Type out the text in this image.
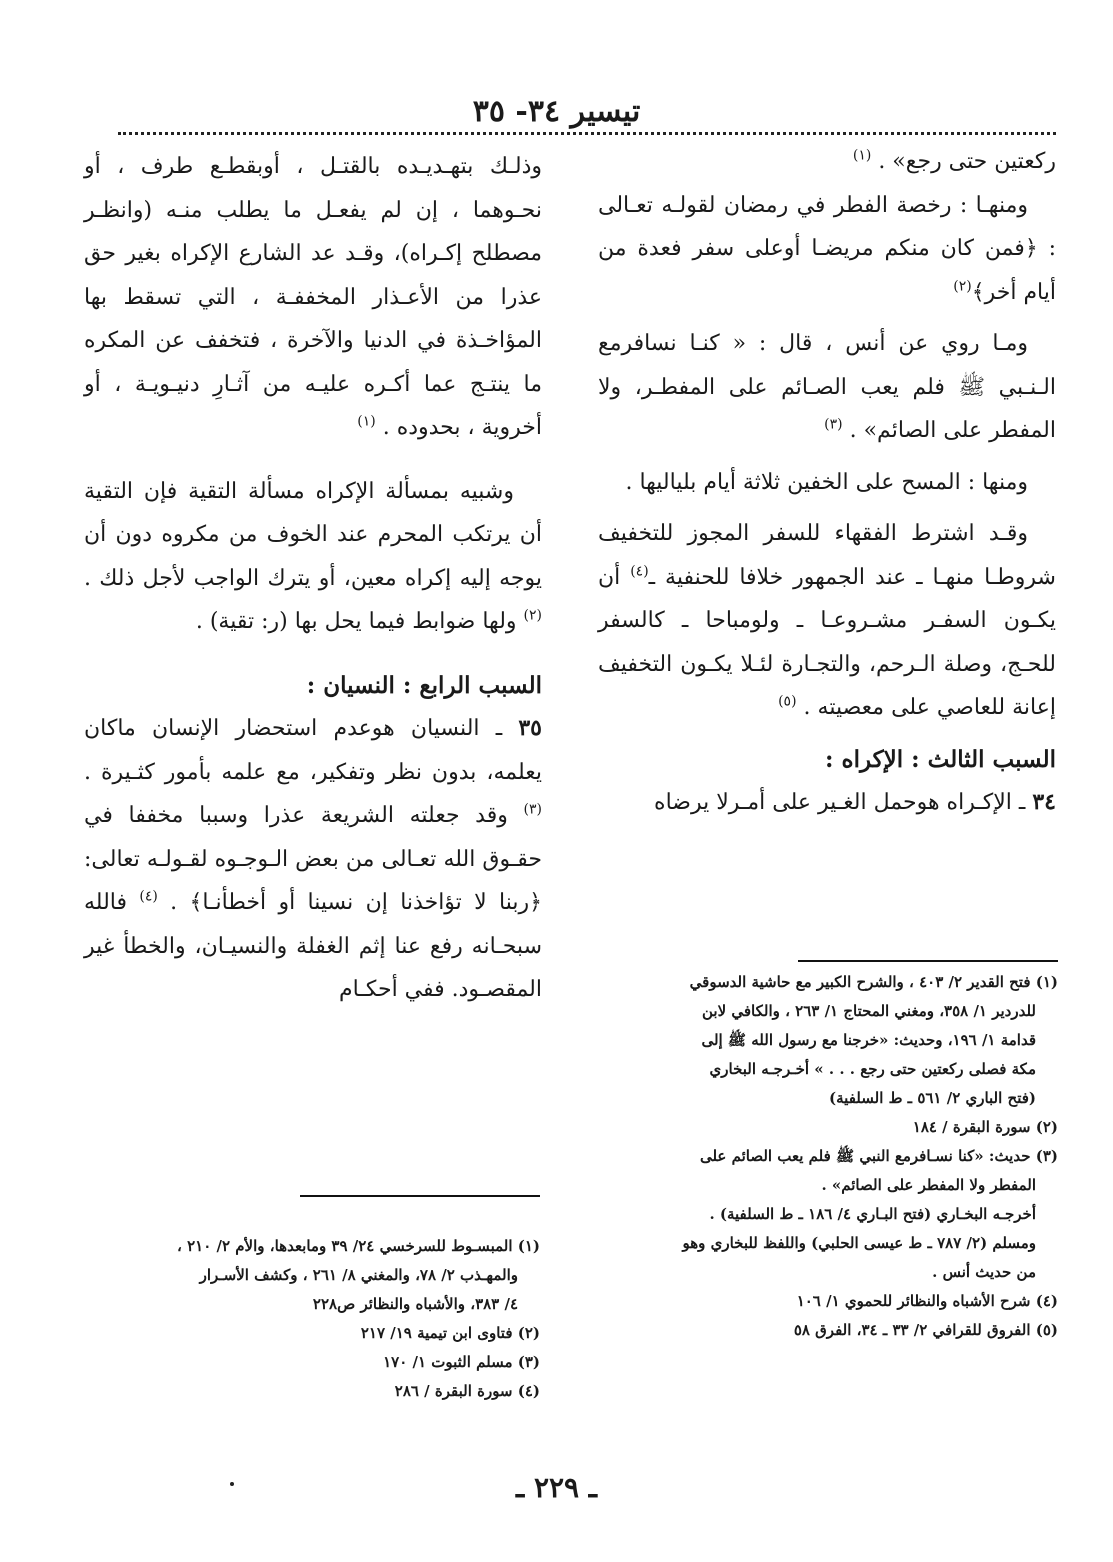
تيسير ٣٤- ٣٥

ركعتين حتى رجع» . $^{(١)}$

ومنهـا : رخصة الفطر في رمضان لقولـه تعـالى : ﴿فمن كان منكم مريضـا أوعلى سفر فعدة من أيام أخر﴾$^{(٢)}$

ومـا روي عن أنس ، قال : « كنـا نسافرمع الـنـبي ﷺ فلم يعب الصـائم على المفطـر، ولا المفطر على الصائم» . $^{(٣)}$

ومنها : المسح على الخفين ثلاثة أيام بلياليها .

وقـد اشترط الفقهاء للسفر المجوز للتخفيف شروطـا منهـا ـ عند الجمهور خلافا للحنفية ـ$^{(٤)}$ أن يكـون السفـر مشـروعـا ـ ولومباحا ـ كالسفر للحـج، وصلة الـرحم، والتجـارة لئـلا يكـون التخفيف إعانة للعاصي على معصيته . $^{(٥)}$

السبب الثالث : الإكراه :

٣٤ ـ الإكـراه هوحمل الغـير على أمـرلا يرضاه

وذلـك بتهـديـده بالقتـل ، أوبقطـع طرف ، أو نحـوهما ، إن لم يفعـل ما يطلب منـه (وانظـر مصطلح إكـراه)، وقـد عد الشارع الإكراه بغير حق عذرا من الأعـذار المخففـة ، التي تسقط بها المؤاخـذة في الدنيا والآخرة ، فتخفف عن المكره ما ينتـج عما أكـره عليـه من آثـارِ دنيـويـة ، أو أخروية ، بحدوده . $^{(١)}$

وشبيه بمسألة الإكراه مسألة التقية فإن التقية أن يرتكب المحرم عند الخوف من مكروه دون أن يوجه إليه إكراه معين، أو يترك الواجب لأجل ذلك . $^{(٢)}$ ولها ضوابط فيما يحل بها (ر: تقية) .

السبب الرابع : النسيان :

٣٥ ـ النسيان هوعدم استحضار الإنسان ماكان يعلمه، بدون نظر وتفكير، مع علمه بأمور كثـيرة . $^{(٣)}$ وقد جعلته الشريعة عذرا وسببا مخففا في حقـوق الله تعـالى من بعض الـوجـوه لقـولـه تعالى: ﴿ربنا لا تؤاخذنا إن نسينا أو أخطأنـا﴾ . $^{(٤)}$ فالله سبحـانه رفع عنا إثم الغفلة والنسيـان، والخطأ غير المقصـود. ففي أحكـام	(١) فتح القدير ٢/ ٤٠٣ ، والشرح الكبير مع حاشية الدسوقي

للدردير ١/ ٣٥٨، ومغني المحتاج ١/ ٢٦٣ ، والكافي لابن

قدامة ١/ ١٩٦، وحديث: «خرجنا مع رسول الله ﷺ إلى

مكة فصلى ركعتين حتى رجع . . . » أخـرجـه البخاري

(فتح الباري ٢/ ٥٦١ ـ ط السلفية)

(٢) سورة البقرة / ١٨٤

(٣) حديث: «كنا نسـافرمع النبي ﷺ فلم يعب الصائم على

المفطر ولا المفطر على الصائم» .

أخرجـه البخـاري (فتح البـاري ٤/ ١٨٦ ـ ط السلفية) .

ومسلم (٢/ ٧٨٧ ـ ط عيسى الحلبي) واللفظ للبخاري وهو

من حديث أنس .

(٤) شرح الأشباه والنظائر للحموي ١/ ١٠٦

(٥) الفروق للقرافي ٢/ ٣٣ ـ ٣٤، الفرق ٥٨

(١) المبسـوط للسرخسي ٢٤/ ٣٩ ومابعدها، والأم ٢/ ٢١٠ ،

والمهـذب ٢/ ٧٨، والمغني ٨/ ٢٦١ ، وكشف الأسـرار

٤/ ٣٨٣، والأشباه والنظائر ص٢٢٨

(٢) فتاوى ابن تيمية ١٩/ ٢١٧

(٣) مسلم الثبوت ١/ ١٧٠

(٤) سورة البقرة / ٢٨٦

ـ ٢٢٩ ـ
